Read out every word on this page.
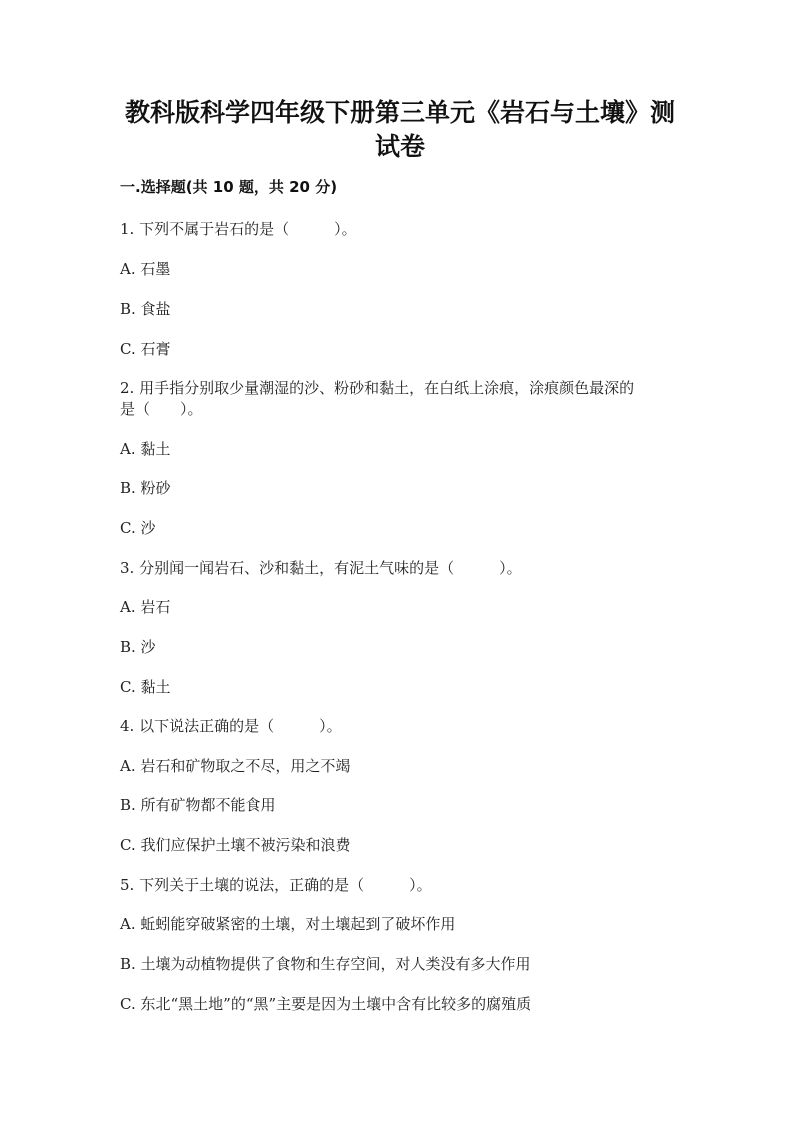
教科版科学四年级下册第三单元《岩石与土壤》测
试卷
一.选择题(共 10 题，共 20 分)
1. 下列不属于岩石的是（　　　）。
A. 石墨
B. 食盐
C. 石膏
2. 用手指分别取少量潮湿的沙、粉砂和黏土，在白纸上涂痕，涂痕颜色最深的
是（　　）。
A. 黏土
B. 粉砂
C. 沙
3. 分别闻一闻岩石、沙和黏土，有泥土气味的是（　　　）。
A. 岩石
B. 沙
C. 黏土
4. 以下说法正确的是（　　　）。
A. 岩石和矿物取之不尽，用之不竭
B. 所有矿物都不能食用
C. 我们应保护土壤不被污染和浪费
5. 下列关于土壤的说法，正确的是（　　　）。
A. 蚯蚓能穿破紧密的土壤，对土壤起到了破坏作用
B. 土壤为动植物提供了食物和生存空间，对人类没有多大作用
C. 东北“黑土地”的“黑”主要是因为土壤中含有比较多的腐殖质
